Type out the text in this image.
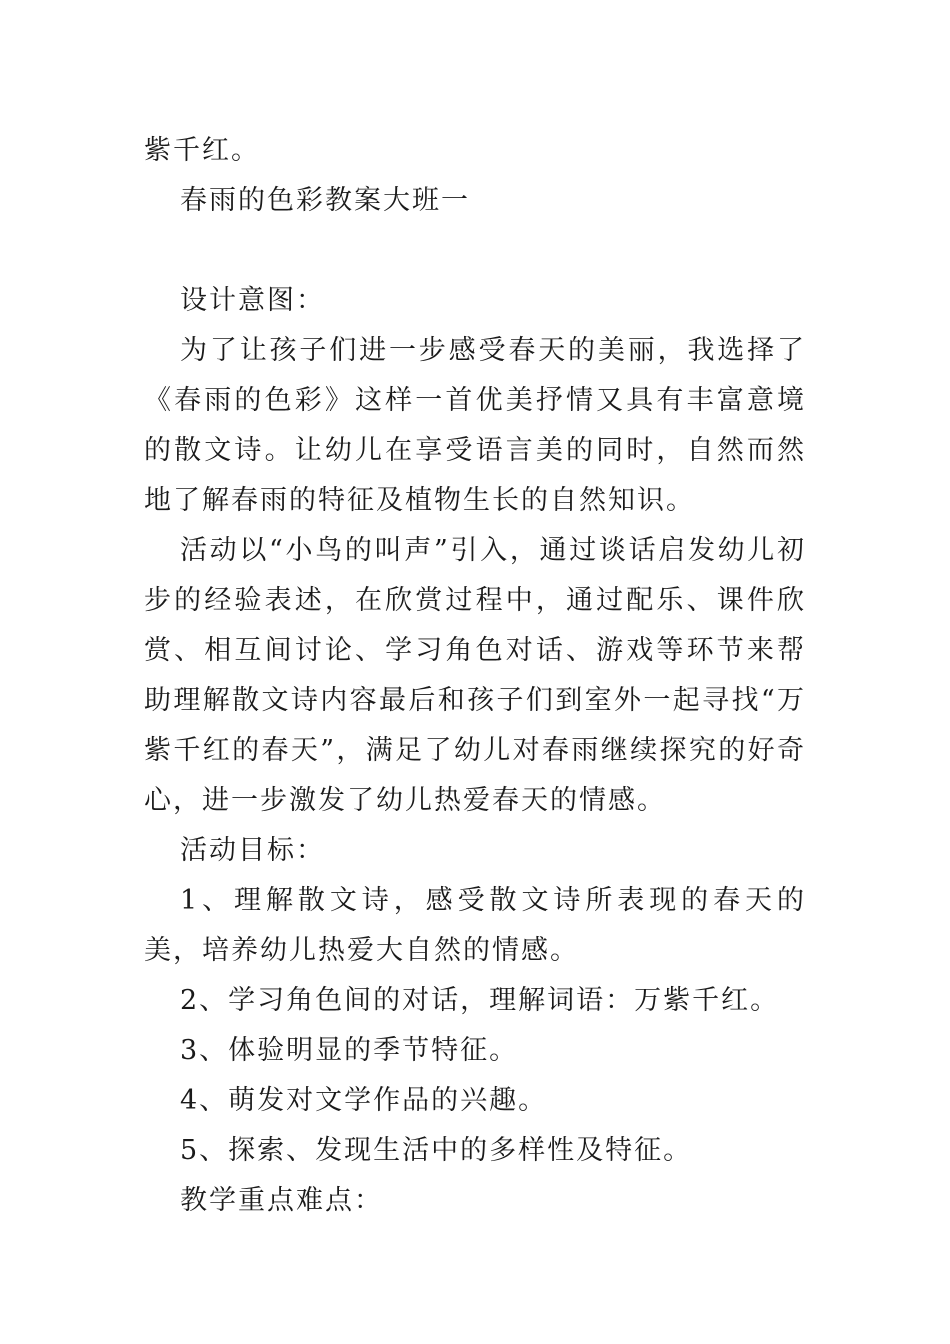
紫千红。

春雨的色彩教案大班一

设计意图：

为了让孩子们进一步感受春天的美丽，我选择了《春雨的色彩》这样一首优美抒情又具有丰富意境的散文诗。让幼儿在享受语言美的同时，自然而然地了解春雨的特征及植物生长的自然知识。

活动以“小鸟的叫声”引入，通过谈话启发幼儿初步的经验表述，在欣赏过程中，通过配乐、课件欣赏、相互间讨论、学习角色对话、游戏等环节来帮助理解散文诗内容最后和孩子们到室外一起寻找“万紫千红的春天”，满足了幼儿对春雨继续探究的好奇心，进一步激发了幼儿热爱春天的情感。

活动目标：

1、理解散文诗，感受散文诗所表现的春天的美，培养幼儿热爱大自然的情感。

2、学习角色间的对话，理解词语：万紫千红。

3、体验明显的季节特征。

4、萌发对文学作品的兴趣。

5、探索、发现生活中的多样性及特征。

教学重点难点：
